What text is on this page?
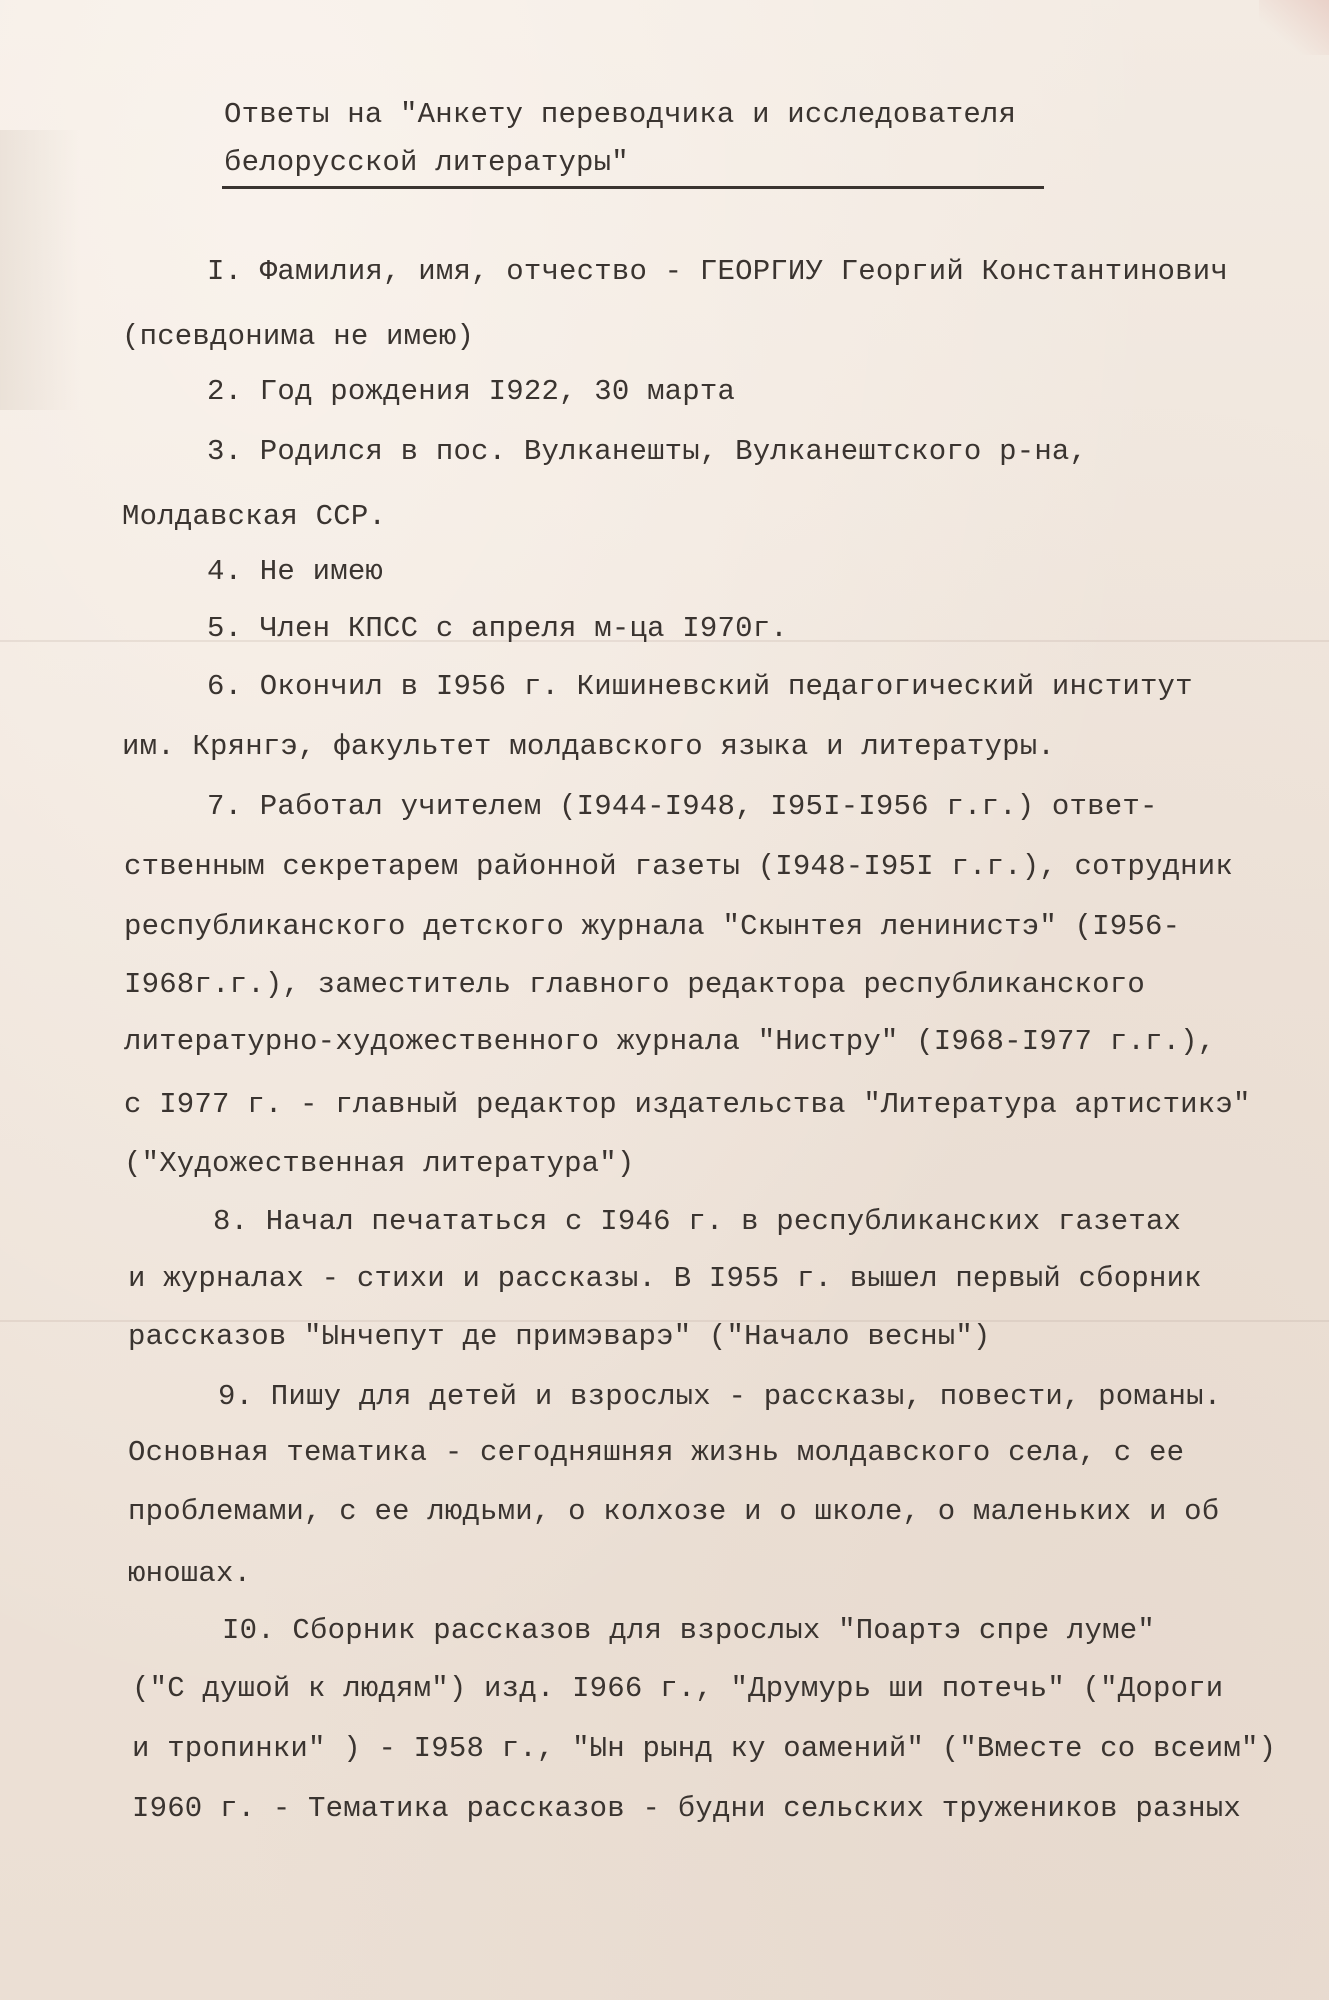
Ответы на "Анкету переводчика и исследователя

белорусской литературы"

I. Фамилия, имя, отчество - ГЕОРГИУ Георгий Константинович

(псевдонима не имею)

2. Год рождения I922, 30 марта

3. Родился в пос. Вулканешты, Вулканештского р-на,

Молдавская ССР.

4. Не имею

5. Член КПСС с апреля м-ца I970г.

6. Окончил в I956 г. Кишиневский педагогический институт

им. Крянгэ, факультет молдавского языка и литературы.

7. Работал учителем (I944-I948, I95I-I956 г.г.) ответ-

ственным секретарем районной газеты (I948-I95I г.г.), сотрудник

республиканского детского журнала "Скынтея ленинистэ" (I956-

I968г.г.), заместитель главного редактора республиканского

литературно-художественного журнала "Нистру" (I968-I977 г.г.),

с I977 г. - главный редактор издательства "Литература артистикэ"

("Художественная литература")

8. Начал печататься с I946 г. в республиканских газетах

и журналах - стихи и рассказы. В I955 г. вышел первый сборник

рассказов "Ынчепут де примэварэ" ("Начало весны")

9. Пишу для детей и взрослых - рассказы, повести, романы.

Основная тематика - сегодняшняя жизнь молдавского села, с ее

проблемами, с ее людьми, о колхозе и о школе, о маленьких и об

юношах.

I0. Сборник рассказов для взрослых "Поартэ спре луме"

("С душой к людям") изд. I966 г., "Друмурь ши потечь" ("Дороги

и тропинки" ) - I958 г., "Ын рынд ку оамений" ("Вместе со всеим")

I960 г. - Тематика рассказов - будни сельских тружеников разных
